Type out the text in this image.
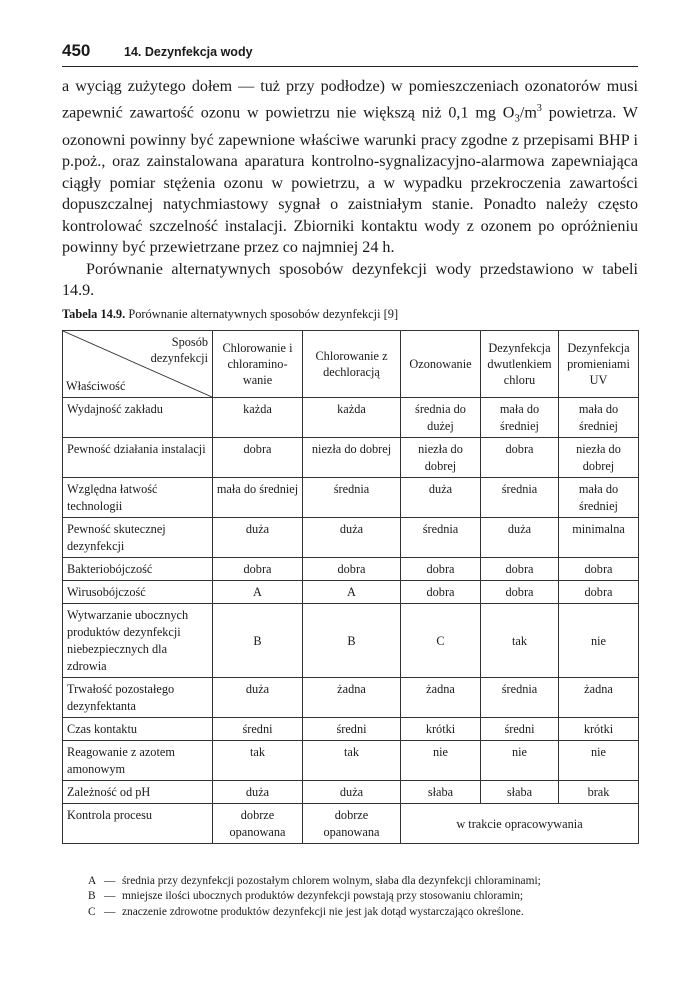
450	14. Dezynfekcja wody

a wyciąg zużytego dołem — tuż przy podłodze) w pomieszczeniach ozonatorów musi zapewnić zawartość ozonu w powietrzu nie większą niż 0,1 mg $O_3/m^3$ powietrza. W ozonowni powinny być zapewnione właściwe warunki pracy zgodne z przepisami BHP i p.poż., oraz zainstalowana aparatura kontrolno-sygnalizacyjno-alarmowa zapewniająca ciągły pomiar stężenia ozonu w powietrzu, a w wypadku przekroczenia zawartości dopuszczalnej natychmiastowy sygnał o zaistniałym stanie. Ponadto należy często kontrolować szczelność instalacji. Zbiorniki kontaktu wody z ozonem po opróżnieniu powinny być przewietrzane przez co najmniej 24 h.

Porównanie alternatywnych sposobów dezynfekcji wody przedstawiono w tabeli 14.9.

Tabela 14.9. Porównanie alternatywnych sposobów dezynfekcji [9]
Sposób
dezynfekcji
Właściwość	Chlorowanie i chloraminowanie	Chlorowanie z dechloracją	Ozonowanie	Dezynfekcja dwutlenkiem chloru	Dezynfekcja promieniami UV
Wydajność zakładu	każda	każda	średnia do dużej	mała do średniej	mała do średniej
Pewność działania instalacji	dobra	niezła do dobrej	niezła do dobrej	dobra	niezła do dobrej
Względna łatwość technologii	mała do średniej	średnia	duża	średnia	mała do średniej
Pewność skutecznej dezynfekcji	duża	duża	średnia	duża	minimalna
Bakteriobójczość	dobra	dobra	dobra	dobra	dobra
Wirusobójczość	A	A	dobra	dobra	dobra
Wytwarzanie ubocznych produktów dezynfekcji niebezpiecznych dla zdrowia	B	B	C	tak	nie
Trwałość pozostałego dezynfektanta	duża	żadna	żadna	średnia	żadna
Czas kontaktu	średni	średni	krótki	średni	krótki
Reagowanie z azotem amonowym	tak	tak	nie	nie	nie
Zależność od pH	duża	duża	słaba	słaba	brak
Kontrola procesu	dobrze opanowana	dobrze opanowana	w trakcie opracowywania		
A — średnia przy dezynfekcji pozostałym chlorem wolnym, słaba dla dezynfekcji chloraminami;
B — mniejsze ilości ubocznych produktów dezynfekcji powstają przy stosowaniu chloramin;
C — znaczenie zdrowotne produktów dezynfekcji nie jest jak dotąd wystarczająco określone.
